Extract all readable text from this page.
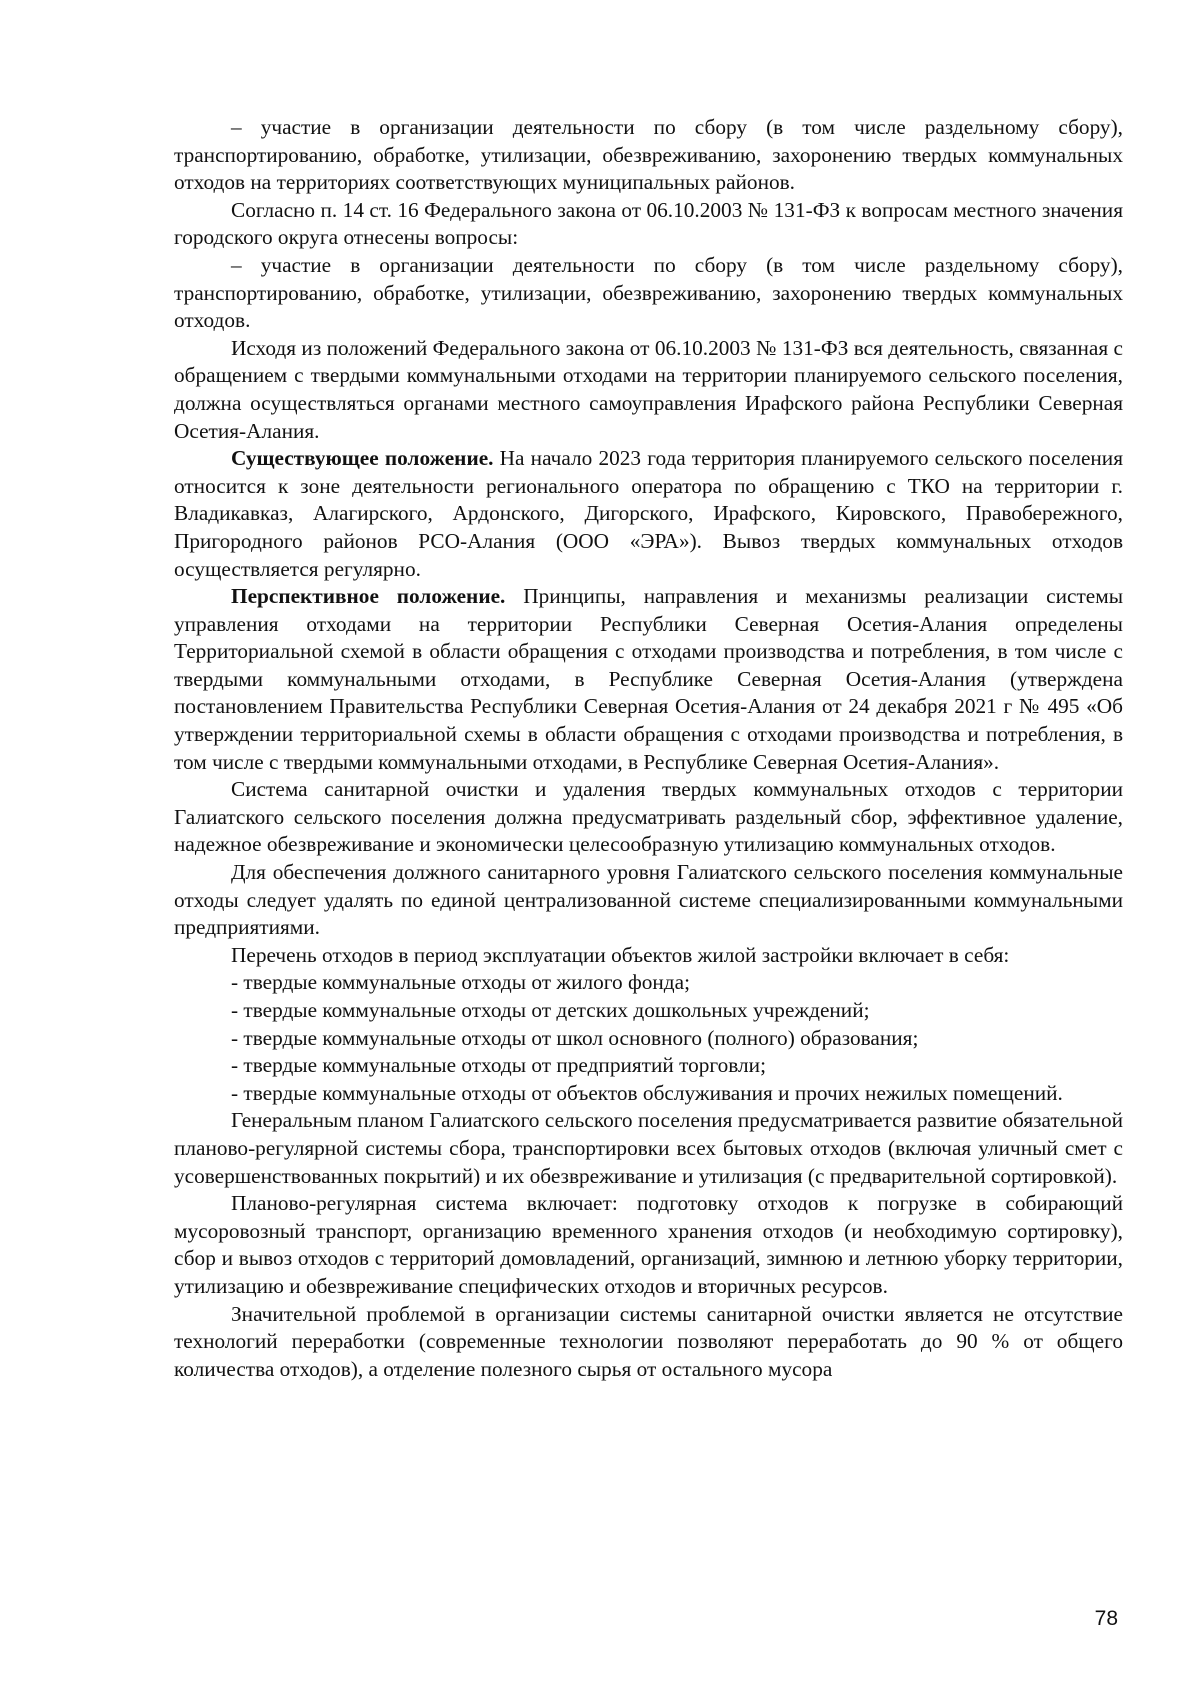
– участие в организации деятельности по сбору (в том числе раздельному сбору), транспортированию, обработке, утилизации, обезвреживанию, захоронению твердых коммунальных отходов на территориях соответствующих муниципальных районов.

Согласно п. 14 ст. 16 Федерального закона от 06.10.2003 № 131-ФЗ к вопросам местного значения городского округа отнесены вопросы:

– участие в организации деятельности по сбору (в том числе раздельному сбору), транспортированию, обработке, утилизации, обезвреживанию, захоронению твердых коммунальных отходов.

Исходя из положений Федерального закона от 06.10.2003 № 131-ФЗ вся деятельность, связанная с обращением с твердыми коммунальными отходами на территории планируемого сельского поселения, должна осуществляться органами местного самоуправления Ирафского района Республики Северная Осетия-Алания.

Существующее положение. На начало 2023 года территория планируемого сельского поселения относится к зоне деятельности регионального оператора по обращению с ТКО на территории г. Владикавказ, Алагирского, Ардонского, Дигорского, Ирафского, Кировского, Правобережного, Пригородного районов РСО-Алания (ООО «ЭРА»). Вывоз твердых коммунальных отходов осуществляется регулярно.

Перспективное положение. Принципы, направления и механизмы реализации системы управления отходами на территории Республики Северная Осетия-Алания определены Территориальной схемой в области обращения с отходами производства и потребления, в том числе с твердыми коммунальными отходами, в Республике Северная Осетия-Алания (утверждена постановлением Правительства Республики Северная Осетия-Алания от 24 декабря 2021 г № 495 «Об утверждении территориальной схемы в области обращения с отходами производства и потребления, в том числе с твердыми коммунальными отходами, в Республике Северная Осетия-Алания».

Система санитарной очистки и удаления твердых коммунальных отходов с территории Галиатского сельского поселения должна предусматривать раздельный сбор, эффективное удаление, надежное обезвреживание и экономически целесообразную утилизацию коммунальных отходов.

Для обеспечения должного санитарного уровня Галиатского сельского поселения коммунальные отходы следует удалять по единой централизованной системе специализированными коммунальными предприятиями.

Перечень отходов в период эксплуатации объектов жилой застройки включает в себя:

- твердые коммунальные отходы от жилого фонда;

- твердые коммунальные отходы от детских дошкольных учреждений;

- твердые коммунальные отходы от школ основного (полного) образования;

- твердые коммунальные отходы от предприятий торговли;

- твердые коммунальные отходы от объектов обслуживания и прочих нежилых помещений.

Генеральным планом Галиатского сельского поселения предусматривается развитие обязательной планово-регулярной системы сбора, транспортировки всех бытовых отходов (включая уличный смет с усовершенствованных покрытий) и их обезвреживание и утилизация (с предварительной сортировкой).

Планово-регулярная система включает: подготовку отходов к погрузке в собирающий мусоровозный транспорт, организацию временного хранения отходов (и необходимую сортировку), сбор и вывоз отходов с территорий домовладений, организаций, зимнюю и летнюю уборку территории, утилизацию и обезвреживание специфических отходов и вторичных ресурсов.

Значительной проблемой в организации системы санитарной очистки является не отсутствие технологий переработки (современные технологии позволяют переработать до 90 % от общего количества отходов), а отделение полезного сырья от остального мусора

78
